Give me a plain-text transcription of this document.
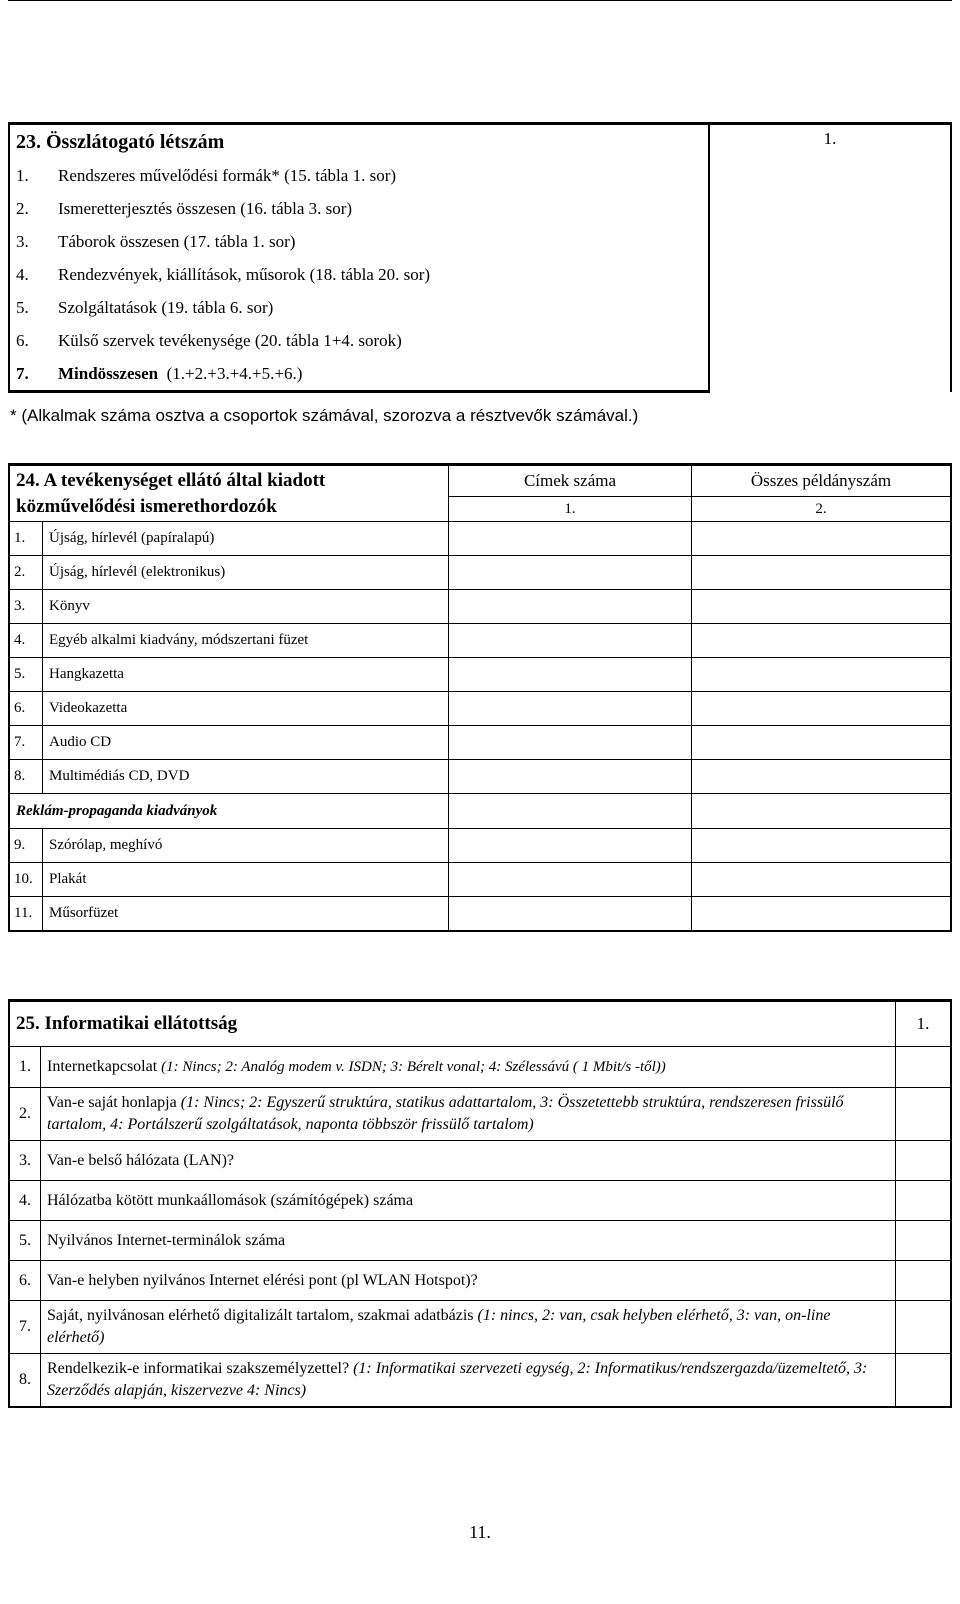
23. Összlátogató létszám	1.
1. Rendszeres művelődési formák* (15. tábla 1. sor)
2. Ismeretterjesztés összesen (16. tábla 3. sor)
3. Táborok összesen (17. tábla 1. sor)
4. Rendezvények, kiállítások, műsorok (18. tábla 20. sor)
5. Szolgáltatások (19. tábla 6. sor)
6. Külső szervek tevékenysége (20. tábla 1+4. sorok)
7. Mindösszesen (1.+2.+3.+4.+5.+6.)
* (Alkalmak száma osztva a csoportok számával, szorozva a résztvevők számával.)
24. A tevékenységet ellátó által kiadott közművelődési ismerethordozók		Címek száma	Összes példányszám
		1.	2.
1.	Újság, hírlevél (papíralapú)		
2.	Újság, hírlevél (elektronikus)		
3.	Könyv		
4.	Egyéb alkalmi kiadvány, módszertani füzet		
5.	Hangkazetta		
6.	Videokazetta		
7.	Audio CD		
8.	Multimédiás CD, DVD		
Reklám-propaganda kiadványok			
9.	Szórólap, meghívó		
10.	Plakát		
11.	Műsorfüzet		
25. Informatikai ellátottság		1.
1.	Internetkapcsolat (1: Nincs; 2: Analóg modem v. ISDN; 3: Bérelt vonal; 4: Szélessávú ( 1 Mbit/s -től))	
2.	Van-e saját honlapja (1: Nincs; 2: Egyszerű struktúra, statikus adattartalom, 3: Összetettebb struktúra, rendszeresen frissülő tartalom, 4: Portálszerű szolgáltatások, naponta többször frissülő tartalom)	
3.	Van-e belső hálózata (LAN)?	
4.	Hálózatba kötött munkaállomások (számítógépek) száma	
5.	Nyilvános Internet-terminálok száma	
6.	Van-e helyben nyilvános Internet elérési pont (pl WLAN Hotspot)?	
7.	Saját, nyilvánosan elérhető digitalizált tartalom, szakmai adatbázis (1: nincs, 2: van, csak helyben elérhető, 3: van, on-line elérhető)	
8.	Rendelkezik-e informatikai szakszemélyzettel? (1: Informatikai szervezeti egység, 2: Informatikus/rendszergazda/üzemeltető, 3: Szerződés alapján, kiszervezve 4: Nincs)	
11.
